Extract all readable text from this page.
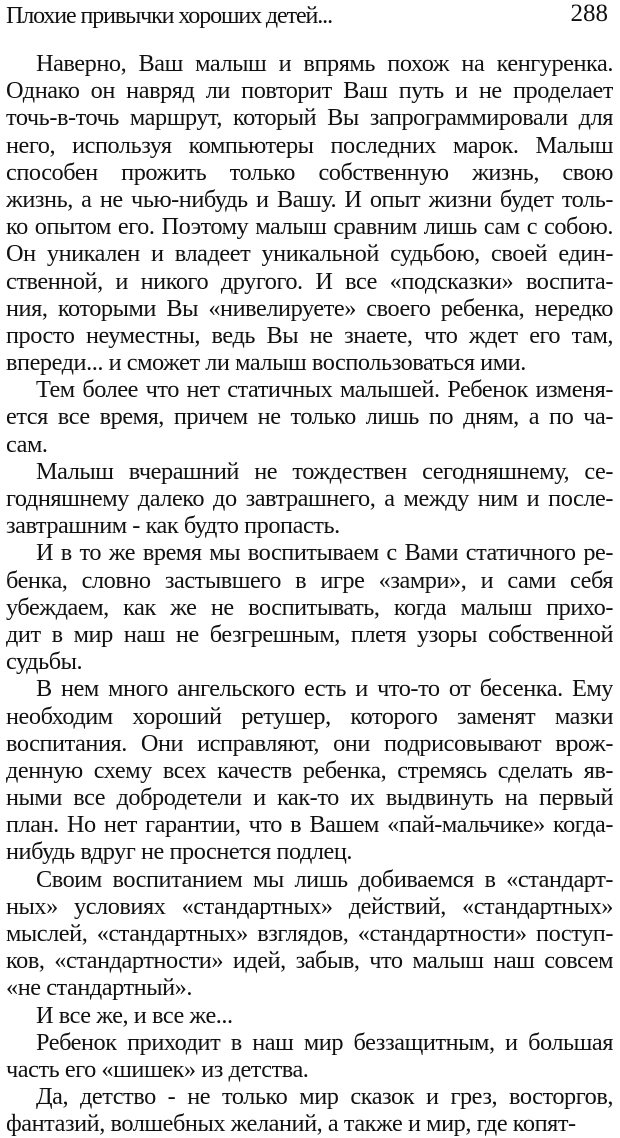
Плохие привычки хороших детей...	288
Наверно, Ваш малыш и впрямь похож на кенгуренка.
Однако он навряд ли повторит Ваш путь и не проделает
точь-в-точь маршрут, который Вы запрограммировали для
него, используя компьютеры последних марок. Малыш
способен прожить только собственную жизнь, свою
жизнь, а не чью-нибудь и Вашу. И опыт жизни будет толь-
ко опытом его. Поэтому малыш сравним лишь сам с собою.
Он уникален и владеет уникальной судьбою, своей един-
ственной, и никого другого. И все «подсказки» воспита-
ния, которыми Вы «нивелируете» своего ребенка, нередко
просто неуместны, ведь Вы не знаете, что ждет его там,
впереди... и сможет ли малыш воспользоваться ими.
Тем более что нет статичных малышей. Ребенок изменя-
ется все время, причем не только лишь по дням, а по ча-
сам.
Малыш вчерашний не тождествен сегодняшнему, се-
годняшнему далеко до завтрашнего, а между ним и после-
завтрашним - как будто пропасть.
И в то же время мы воспитываем с Вами статичного ре-
бенка, словно застывшего в игре «замри», и сами себя
убеждаем, как же не воспитывать, когда малыш прихо-
дит в мир наш не безгрешным, плетя узоры собственной
судьбы.
В нем много ангельского есть и что-то от бесенка. Ему
необходим хороший ретушер, которого заменят мазки
воспитания. Они исправляют, они подрисовывают врож-
денную схему всех качеств ребенка, стремясь сделать яв-
ными все добродетели и как-то их выдвинуть на первый
план. Но нет гарантии, что в Вашем «пай-мальчике» когда-
нибудь вдруг не проснется подлец.
Своим воспитанием мы лишь добиваемся в «стандарт-
ных» условиях «стандартных» действий, «стандартных»
мыслей, «стандартных» взглядов, «стандартности» поступ-
ков, «стандартности» идей, забыв, что малыш наш совсем
«не стандартный».
И все же, и все же...
Ребенок приходит в наш мир беззащитным, и большая
часть его «шишек» из детства.
Да, детство - не только мир сказок и грез, восторгов,
фантазий, волшебных желаний, а также и мир, где копят-
